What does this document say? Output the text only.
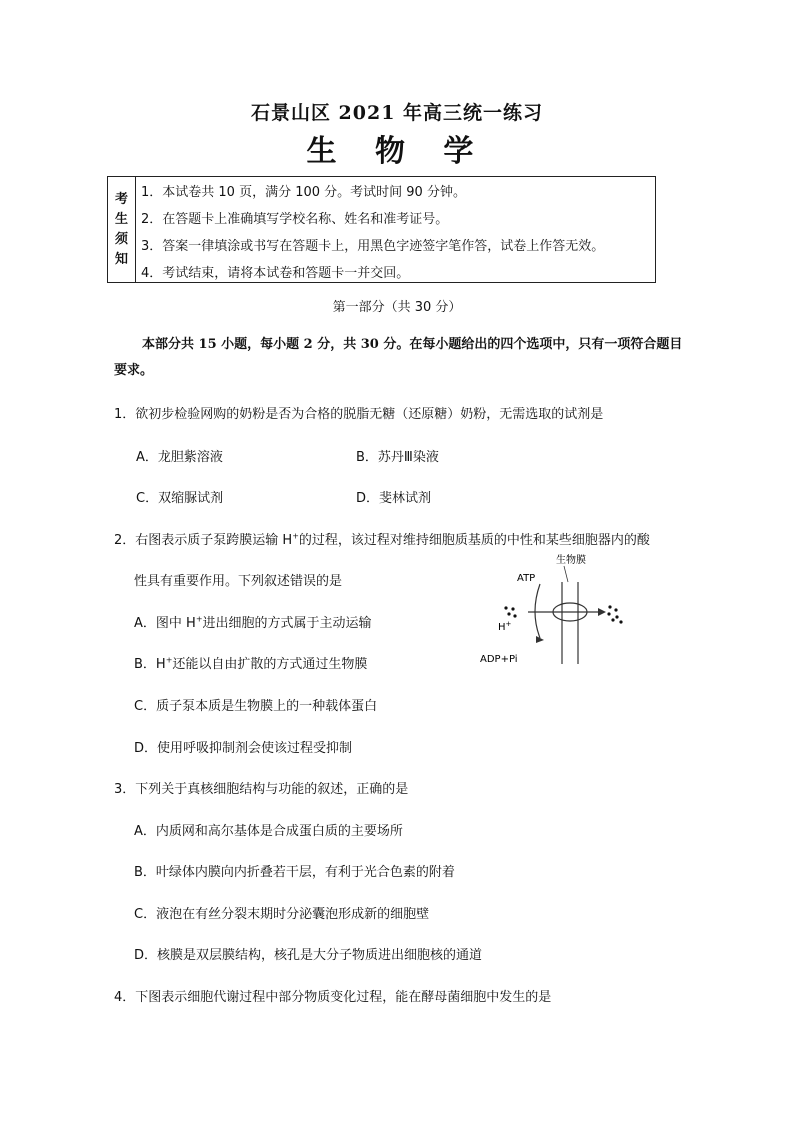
石景山区 2021 年高三统一练习
生 物 学
考
生
须
知
1．本试卷共 10 页，满分 100 分。考试时间 90 分钟。
2．在答题卡上准确填写学校名称、姓名和准考证号。
3．答案一律填涂或书写在答题卡上，用黑色字迹签字笔作答，试卷上作答无效。
4．考试结束，请将本试卷和答题卡一并交回。
第一部分（共 30 分）
本部分共 15 小题，每小题 2 分，共 30 分。在每小题给出的四个选项中，只有一项符合题目要求。
1．欲初步检验网购的奶粉是否为合格的脱脂无糖（还原糖）奶粉，无需选取的试剂是
A．龙胆紫溶液	B．苏丹Ⅲ染液
C．双缩脲试剂	D．斐林试剂
2．右图表示质子泵跨膜运输 H+的过程，该过程对维持细胞质基质的中性和某些细胞器内的酸
性具有重要作用。下列叙述错误的是
A．图中 H+进出细胞的方式属于主动运输
B．H+还能以自由扩散的方式通过生物膜
C．质子泵本质是生物膜上的一种载体蛋白
D．使用呼吸抑制剂会使该过程受抑制
生物膜
ATP
ADP+Pi
H+
3．下列关于真核细胞结构与功能的叙述，正确的是
A．内质网和高尔基体是合成蛋白质的主要场所
B．叶绿体内膜向内折叠若干层，有利于光合色素的附着
C．液泡在有丝分裂末期时分泌囊泡形成新的细胞壁
D．核膜是双层膜结构，核孔是大分子物质进出细胞核的通道
4．下图表示细胞代谢过程中部分物质变化过程，能在酵母菌细胞中发生的是
